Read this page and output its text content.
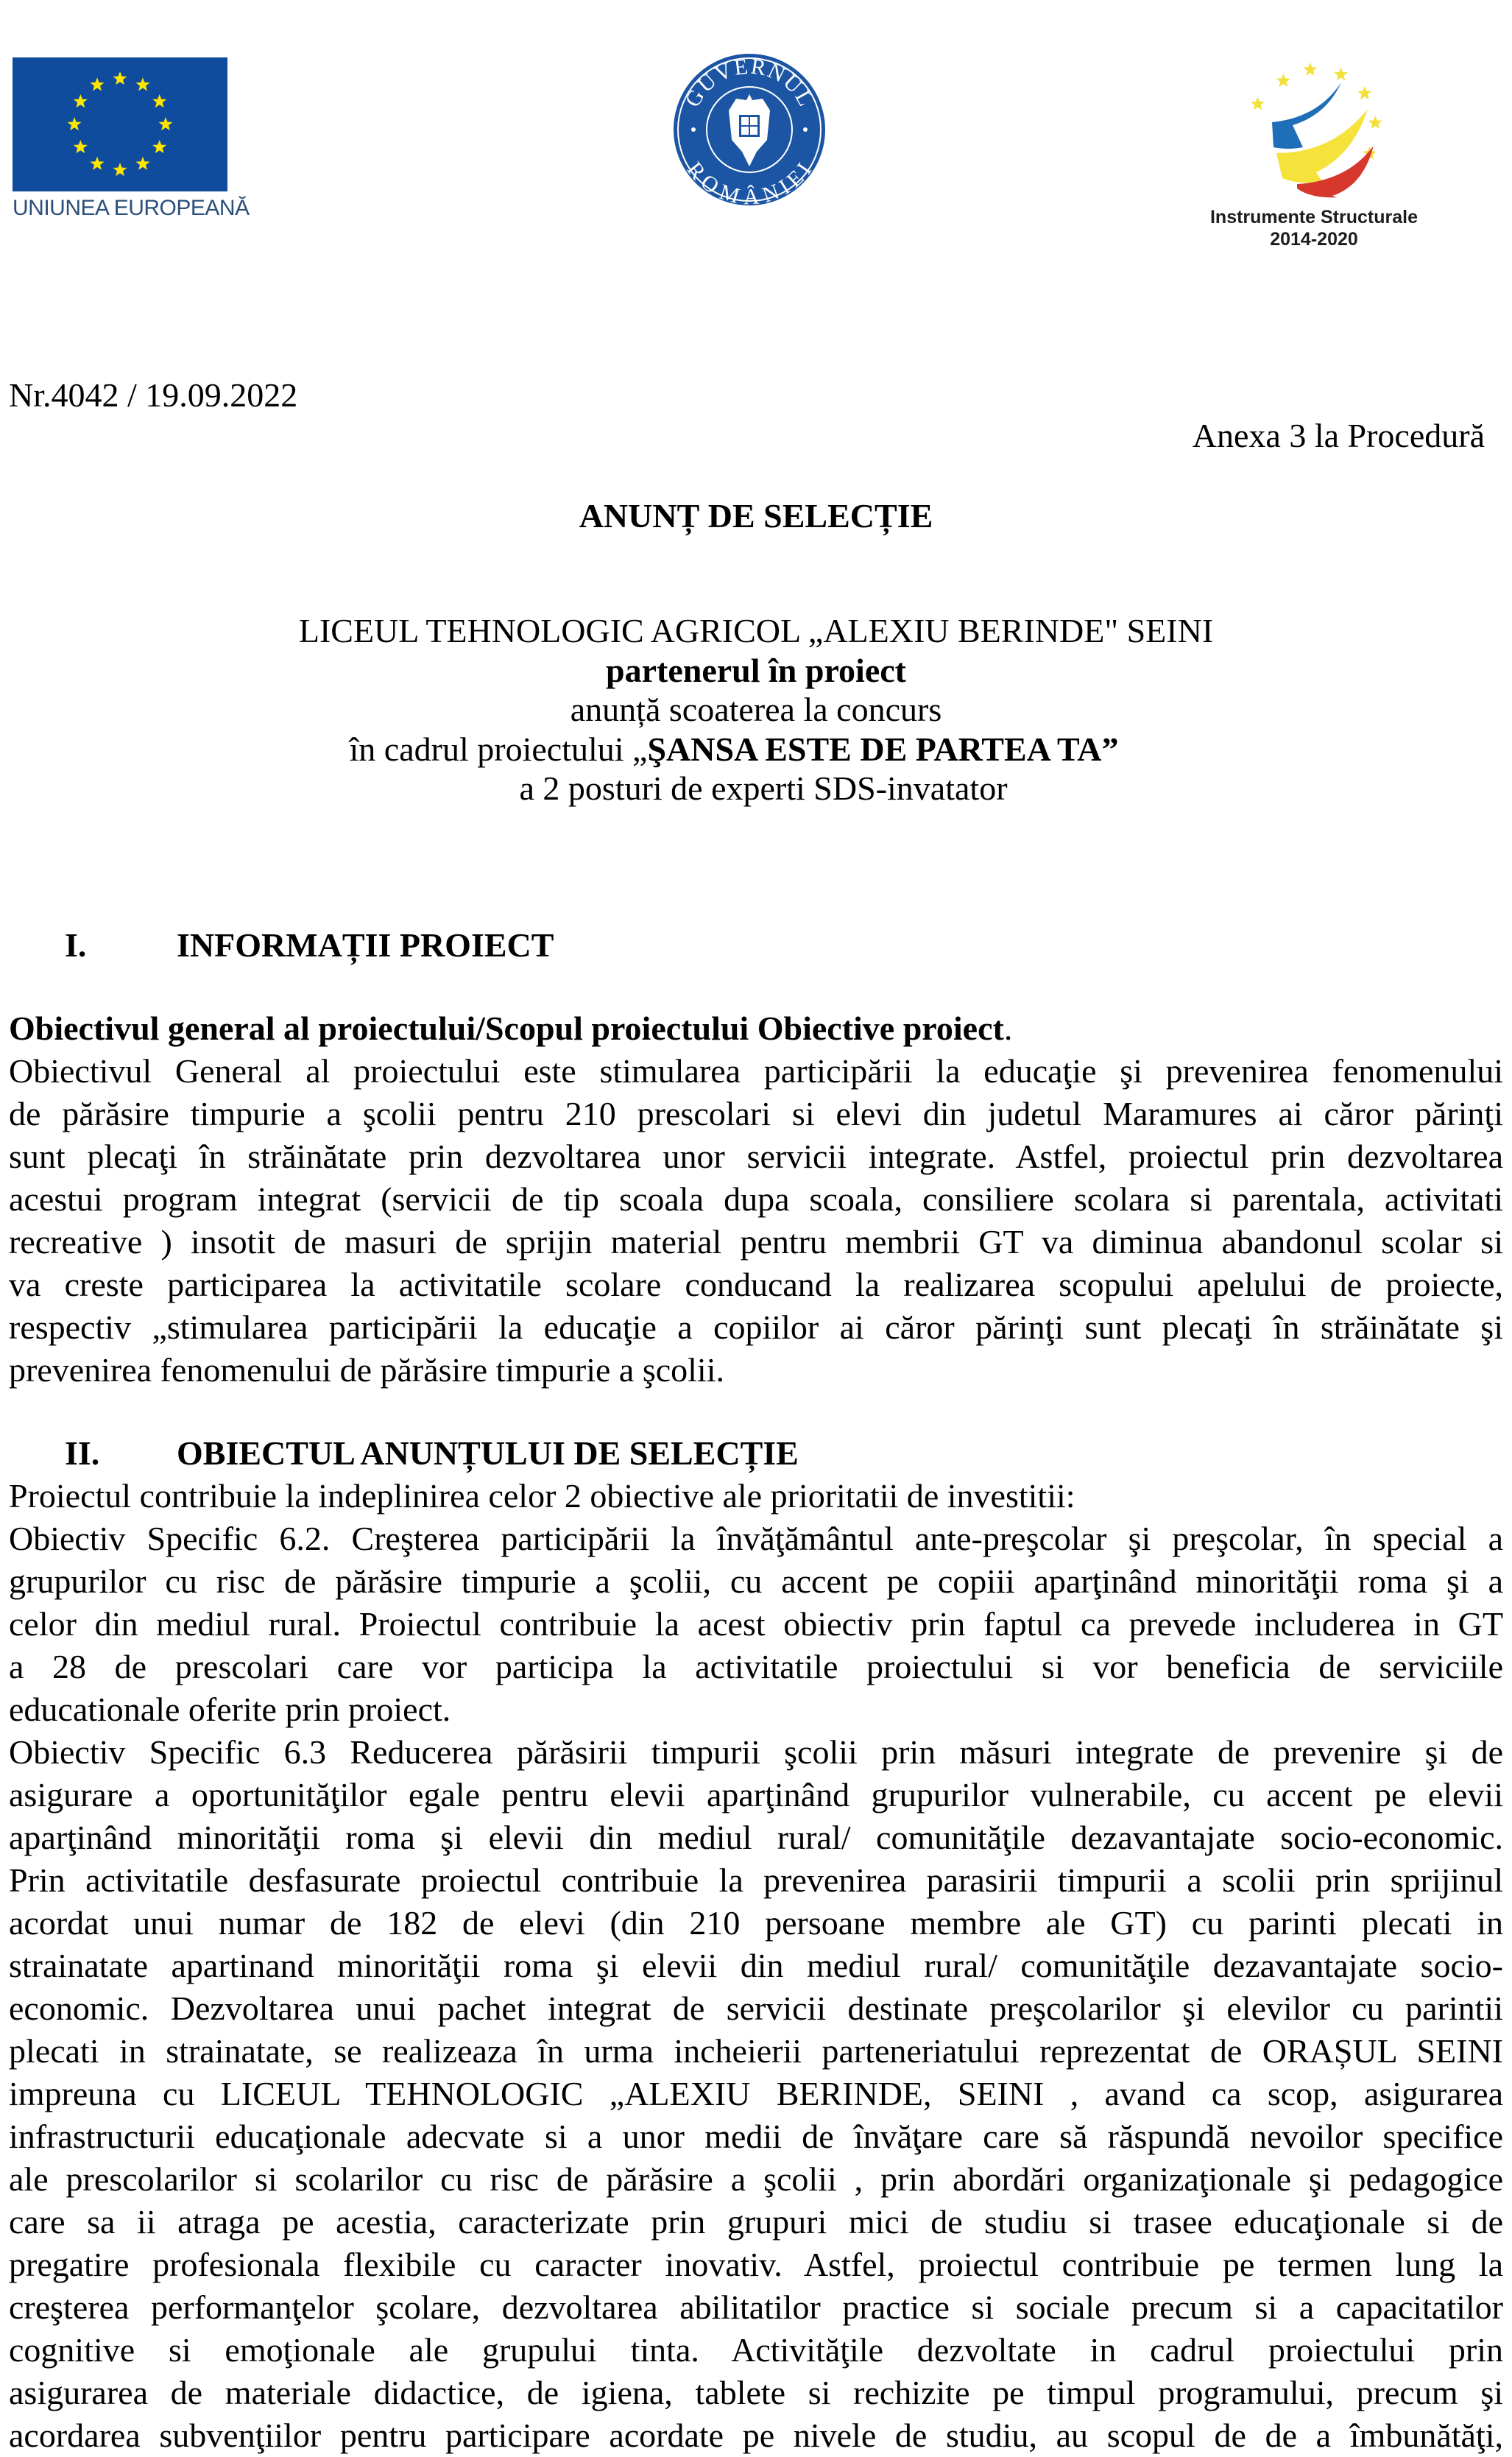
UNIUNEA EUROPEANĂ
GUVERNUL
ROMÂNIEI
Instrumente Structurale
2014-2020
Nr.4042 / 19.09.2022
Anexa 3 la Procedură
ANUNȚ DE SELECȚIE
LICEUL TEHNOLOGIC AGRICOL „ALEXIU BERINDE" SEINI
partenerul în proiect
anunță scoaterea la concurs
în cadrul proiectului „ŞANSA ESTE DE PARTEA TA”
a 2 posturi de experti SDS-invatator
I.	INFORMAȚII PROIECT
Obiectivul general al proiectului/Scopul proiectului Obiective proiect.
Obiectivul General al proiectului este stimularea participării la educaţie şi prevenirea fenomenului
de părăsire timpurie a şcolii pentru 210 prescolari si elevi din judetul Maramures ai căror părinţi
sunt plecaţi în străinătate prin dezvoltarea unor servicii integrate. Astfel, proiectul prin dezvoltarea
acestui program integrat (servicii de tip scoala dupa scoala, consiliere scolara si parentala, activitati
recreative ) insotit de masuri de sprijin material pentru membrii GT va diminua abandonul scolar si
va creste participarea la activitatile scolare conducand la realizarea scopului apelului de proiecte,
respectiv „stimularea participării la educaţie a copiilor ai căror părinţi sunt plecaţi în străinătate şi
prevenirea fenomenului de părăsire timpurie a şcolii.
II. OBIECTUL ANUNȚULUI DE SELECȚIE
Proiectul contribuie la indeplinirea celor 2 obiective ale prioritatii de investitii:
Obiectiv Specific 6.2. Creşterea participării la învăţământul ante-preşcolar şi preşcolar, în special a
grupurilor cu risc de părăsire timpurie a şcolii, cu accent pe copiii aparţinând minorităţii roma şi a
celor din mediul rural. Proiectul contribuie la acest obiectiv prin faptul ca prevede includerea in GT
a 28 de prescolari care vor participa la activitatile proiectului si vor beneficia de serviciile
educationale oferite prin proiect.
Obiectiv Specific 6.3 Reducerea părăsirii timpurii şcolii prin măsuri integrate de prevenire şi de
asigurare a oportunităţilor egale pentru elevii aparţinând grupurilor vulnerabile, cu accent pe elevii
aparţinând minorităţii roma şi elevii din mediul rural/ comunităţile dezavantajate socio-economic.
Prin activitatile desfasurate proiectul contribuie la prevenirea parasirii timpurii a scolii prin sprijinul
acordat unui numar de 182 de elevi (din 210 persoane membre ale GT) cu parinti plecati in
strainatate apartinand minorităţii roma şi elevii din mediul rural/ comunităţile dezavantajate socio-
economic. Dezvoltarea unui pachet integrat de servicii destinate preşcolarilor şi elevilor cu parintii
plecati in strainatate, se realizeaza în urma incheierii parteneriatului reprezentat de ORAȘUL SEINI
impreuna cu LICEUL TEHNOLOGIC „ALEXIU BERINDE, SEINI , avand ca scop, asigurarea
infrastructurii educaţionale adecvate si a unor medii de învăţare care să răspundă nevoilor specifice
ale prescolarilor si scolarilor cu risc de părăsire a şcolii , prin abordări organizaţionale şi pedagogice
care sa ii atraga pe acestia, caracterizate prin grupuri mici de studiu si trasee educaţionale si de
pregatire profesionala flexibile cu caracter inovativ. Astfel, proiectul contribuie pe termen lung la
creşterea performanţelor şcolare, dezvoltarea abilitatilor practice si sociale precum si a capacitatilor
cognitive si emoţionale ale grupului tinta. Activităţile dezvoltate in cadrul proiectului prin
asigurarea de materiale didactice, de igiena, tablete si rechizite pe timpul programului, precum şi
acordarea subvenţiilor pentru participare acordate pe nivele de studiu, au scopul de de a îmbunătăţi,
